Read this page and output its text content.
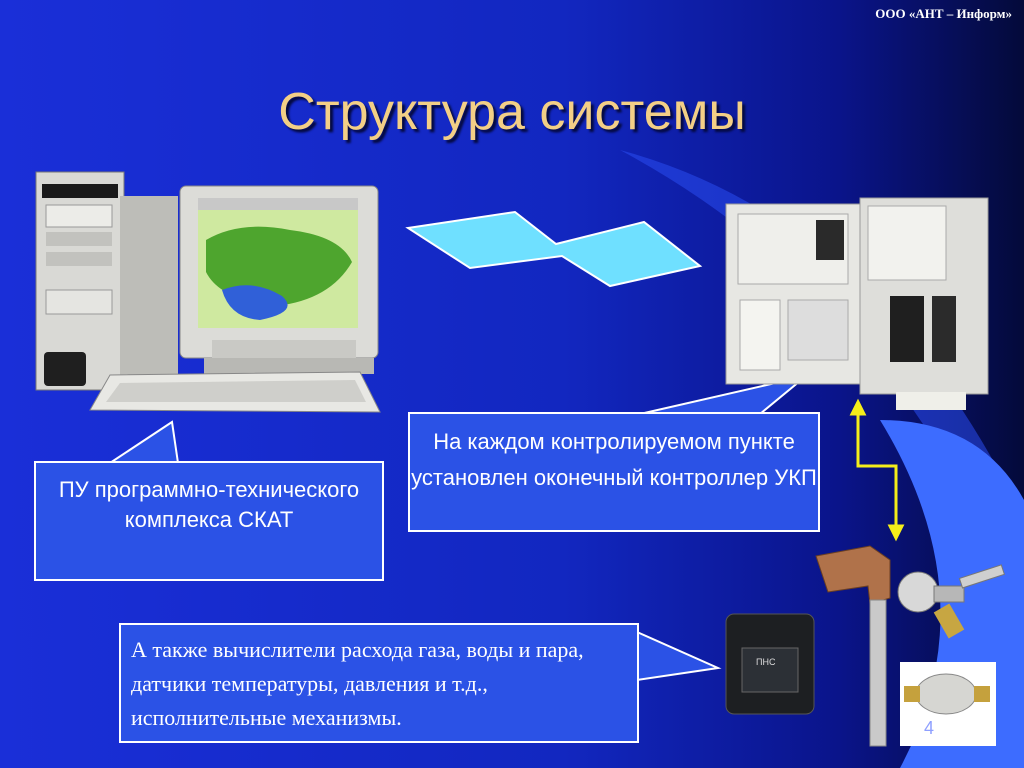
ПНС
ООО «АНТ – Информ»
Структура системы
ПУ программно-технического комплекса СКАТ
На каждом контролируемом пункте установлен оконечный контроллер УКП
А также вычислители расхода газа, воды и пара, датчики температуры, давления и т.д., исполнительные механизмы.	4
